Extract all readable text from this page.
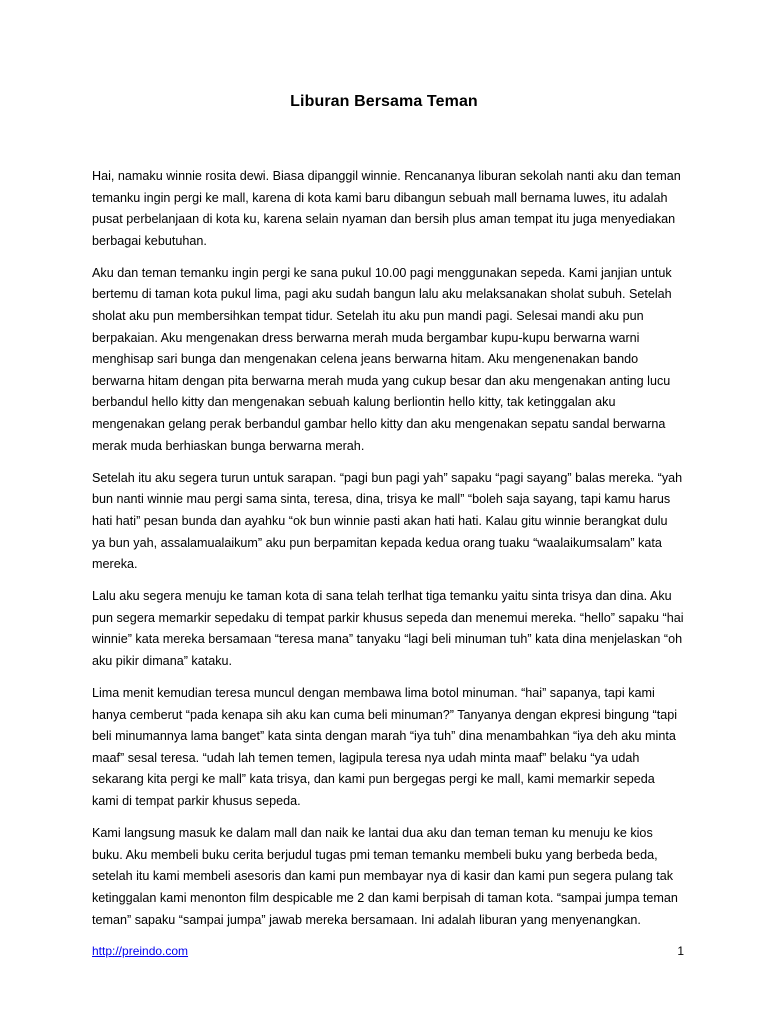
Liburan Bersama Teman

Hai, namaku winnie rosita dewi. Biasa dipanggil winnie. Rencananya liburan sekolah nanti aku dan teman temanku ingin pergi ke mall, karena di kota kami baru dibangun sebuah mall bernama luwes, itu adalah pusat perbelanjaan di kota ku, karena selain nyaman dan bersih plus aman tempat itu juga menyediakan berbagai kebutuhan.

Aku dan teman temanku ingin pergi ke sana pukul 10.00 pagi menggunakan sepeda. Kami janjian untuk bertemu di taman kota pukul lima, pagi aku sudah bangun lalu aku melaksanakan sholat subuh. Setelah sholat aku pun membersihkan tempat tidur. Setelah itu aku pun mandi pagi. Selesai mandi aku pun berpakaian. Aku mengenakan dress berwarna merah muda bergambar kupu-kupu berwarna warni menghisap sari bunga dan mengenakan celena jeans berwarna hitam. Aku mengenenakan bando berwarna hitam dengan pita berwarna merah muda yang cukup besar dan aku mengenakan anting lucu berbandul hello kitty dan mengenakan sebuah kalung berliontin hello kitty, tak ketinggalan aku mengenakan gelang perak berbandul gambar hello kitty dan aku mengenakan sepatu sandal berwarna merak muda berhiaskan bunga berwarna merah.

Setelah itu aku segera turun untuk sarapan. “pagi bun pagi yah” sapaku “pagi sayang” balas mereka. “yah bun nanti winnie mau pergi sama sinta, teresa, dina, trisya ke mall” “boleh saja sayang, tapi kamu harus hati hati” pesan bunda dan ayahku “ok bun winnie pasti akan hati hati. Kalau gitu winnie berangkat dulu ya bun yah, assalamualaikum” aku pun berpamitan kepada kedua orang tuaku “waalaikumsalam” kata mereka.

Lalu aku segera menuju ke taman kota di sana telah terlhat tiga temanku yaitu sinta trisya dan dina. Aku pun segera memarkir sepedaku di tempat parkir khusus sepeda dan menemui mereka. “hello” sapaku “hai winnie” kata mereka bersamaan “teresa mana” tanyaku “lagi beli minuman tuh” kata dina menjelaskan “oh aku pikir dimana” kataku.

Lima menit kemudian teresa muncul dengan membawa lima botol minuman. “hai” sapanya, tapi kami hanya cemberut “pada kenapa sih aku kan cuma beli minuman?” Tanyanya dengan ekpresi bingung “tapi beli minumannya lama banget” kata sinta dengan marah “iya tuh” dina menambahkan “iya deh aku minta maaf” sesal teresa. “udah lah temen temen, lagipula teresa nya udah minta maaf” belaku “ya udah sekarang kita pergi ke mall” kata trisya, dan kami pun bergegas pergi ke mall, kami memarkir sepeda kami di tempat parkir khusus sepeda.

Kami langsung masuk ke dalam mall dan naik ke lantai dua aku dan teman teman ku menuju ke kios buku. Aku membeli buku cerita berjudul tugas pmi teman temanku membeli buku yang berbeda beda, setelah itu kami membeli asesoris dan kami pun membayar nya di kasir dan kami pun segera pulang tak ketinggalan kami menonton film despicable me 2 dan kami berpisah di taman kota. “sampai jumpa teman teman” sapaku “sampai jumpa” jawab mereka bersamaan. Ini adalah liburan yang menyenangkan.

http://preindo.com	1
